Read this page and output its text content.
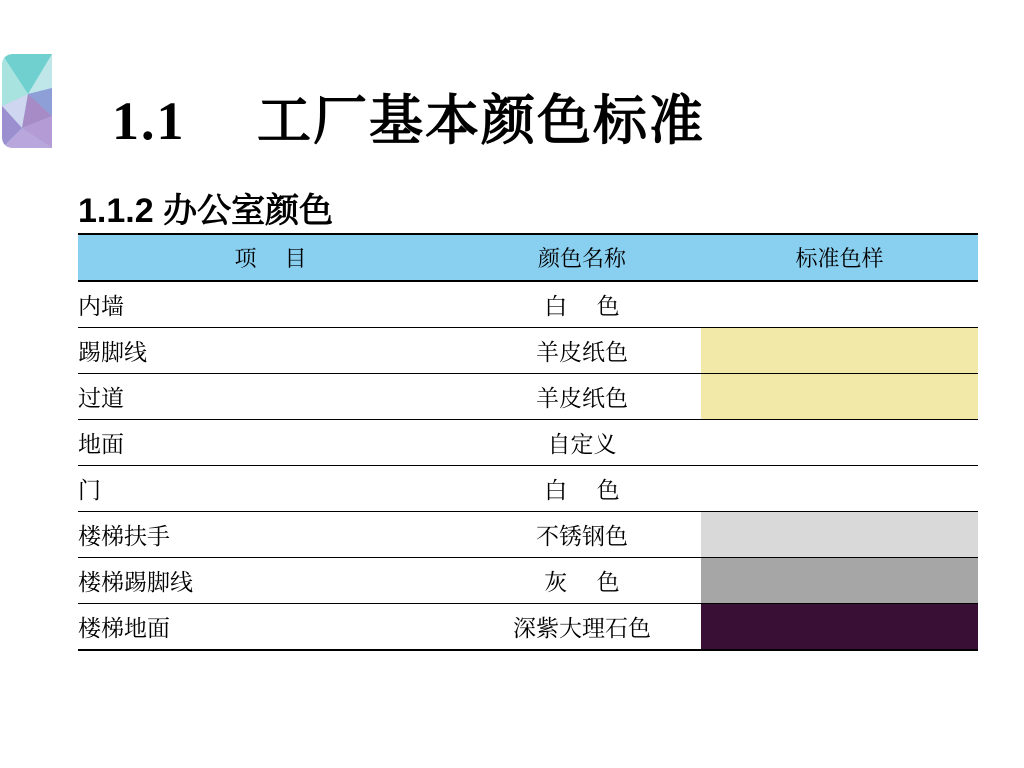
1.1　 工厂基本颜色标准
1.1.2 办公室颜色
项　 目	颜色名称	标准色样
内墙	白　 色	

踢脚线	羊皮纸色	

过道	羊皮纸色	

地面	自定义	

门	白　 色	

楼梯扶手	不锈钢色	

楼梯踢脚线	灰　 色	

楼梯地面	深紫大理石色	
